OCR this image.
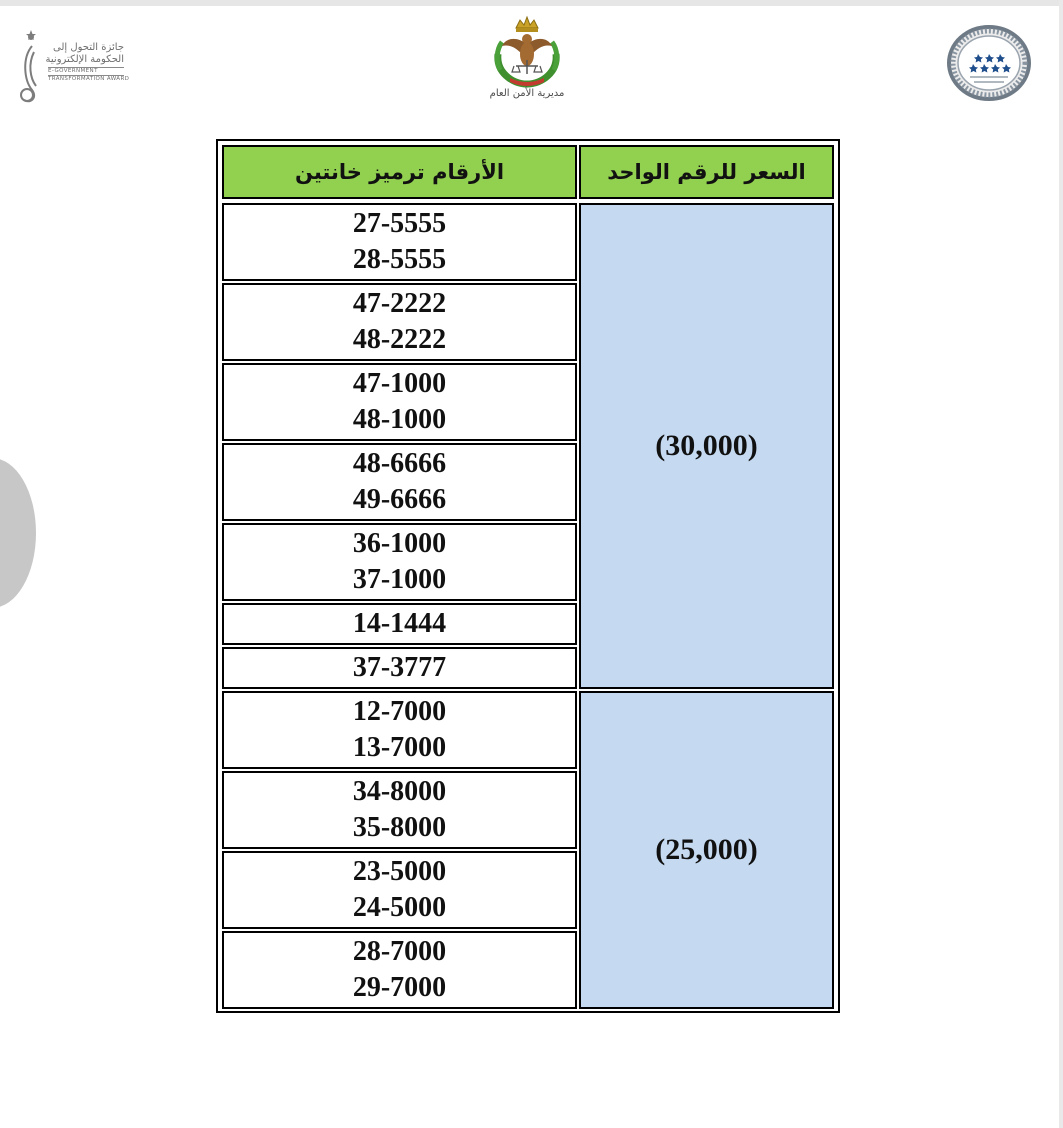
جائزة التحول إلى
الحكومة الإلكترونية
E-GOVERNMENT
TRANSFORMATION AWARD
مديرية الأمن العام
الأرقام ترميز خانتين	السعر للرقم الواحد
27-5555
28-5555
47-2222
48-2222
47-1000
48-1000
48-6666
49-6666
36-1000
37-1000
14-1444
37-3777
(30,000)
12-7000
13-7000
34-8000
35-8000
23-5000
24-5000
28-7000
29-7000
(25,000)
